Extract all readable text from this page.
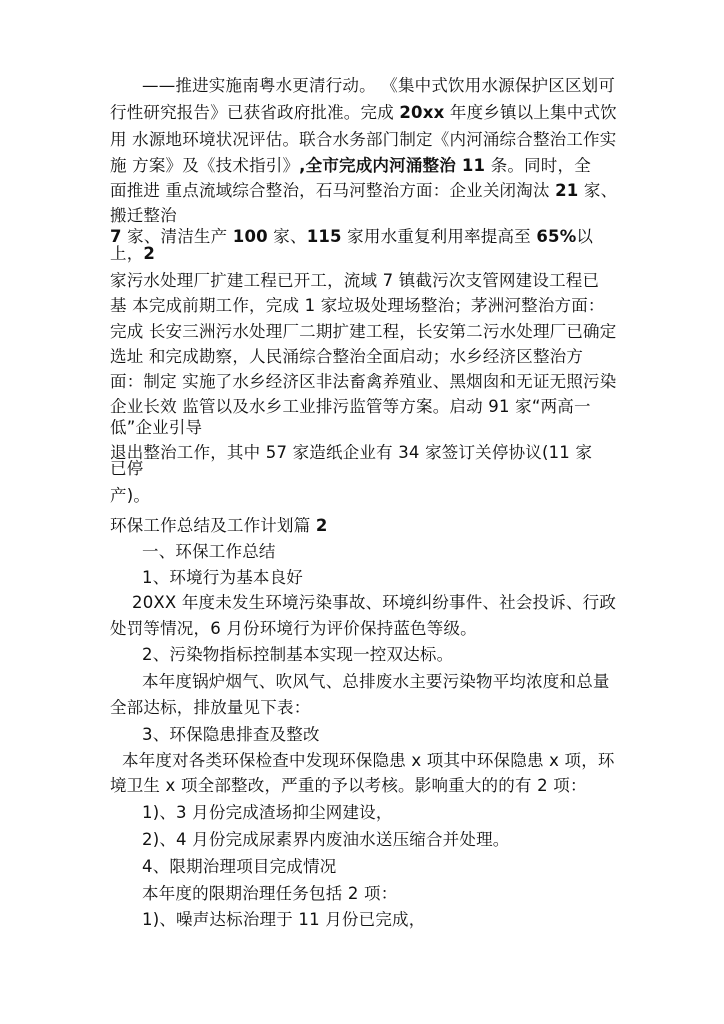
——推进实施南粤水更清行动。 《集中式饮用水源保护区区划可
行性研究报告》已获省政府批准。完成 20xx 年度乡镇以上集中式饮
用 水源地环境状况评估。联合水务部门制定《内河涌综合整治工作实
施 方案》及《技术指引》,全市完成内河涌整治 11 条。同时，全
面推进 重点流域综合整治，石马河整治方面：企业关闭淘汰 21 家、
搬迁整治
7 家、清洁生产 100 家、115 家用水重复利用率提高至 65%以
上，2
家污水处理厂扩建工程已开工，流域 7 镇截污次支管网建设工程已
基 本完成前期工作，完成 1 家垃圾处理场整治；茅洲河整治方面：
完成 长安三洲污水处理厂二期扩建工程，长安第二污水处理厂已确定
选址 和完成勘察，人民涌综合整治全面启动；水乡经济区整治方
面：制定 实施了水乡经济区非法畜禽养殖业、黑烟囱和无证无照污染
企业长效 监管以及水乡工业排污监管等方案。启动 91 家“两高一
低”企业引导
退出整治工作，其中 57 家造纸企业有 34 家签订关停协议(11 家
已停
产)。
环保工作总结及工作计划篇 2
一、环保工作总结
1、环境行为基本良好
20XX 年度未发生环境污染事故、环境纠纷事件、社会投诉、行政
处罚等情况，6 月份环境行为评价保持蓝色等级。
2、污染物指标控制基本实现一控双达标。
本年度锅炉烟气、吹风气、总排废水主要污染物平均浓度和总量
全部达标，排放量见下表：
3、环保隐患排查及整改
本年度对各类环保检查中发现环保隐患 x 项其中环保隐患 x 项，环
境卫生 x 项全部整改，严重的予以考核。影响重大的的有 2 项：
1)、3 月份完成渣场抑尘网建设，
2)、4 月份完成尿素界内废油水送压缩合并处理。
4、限期治理项目完成情况
本年度的限期治理任务包括 2 项：
1)、噪声达标治理于 11 月份已完成，
